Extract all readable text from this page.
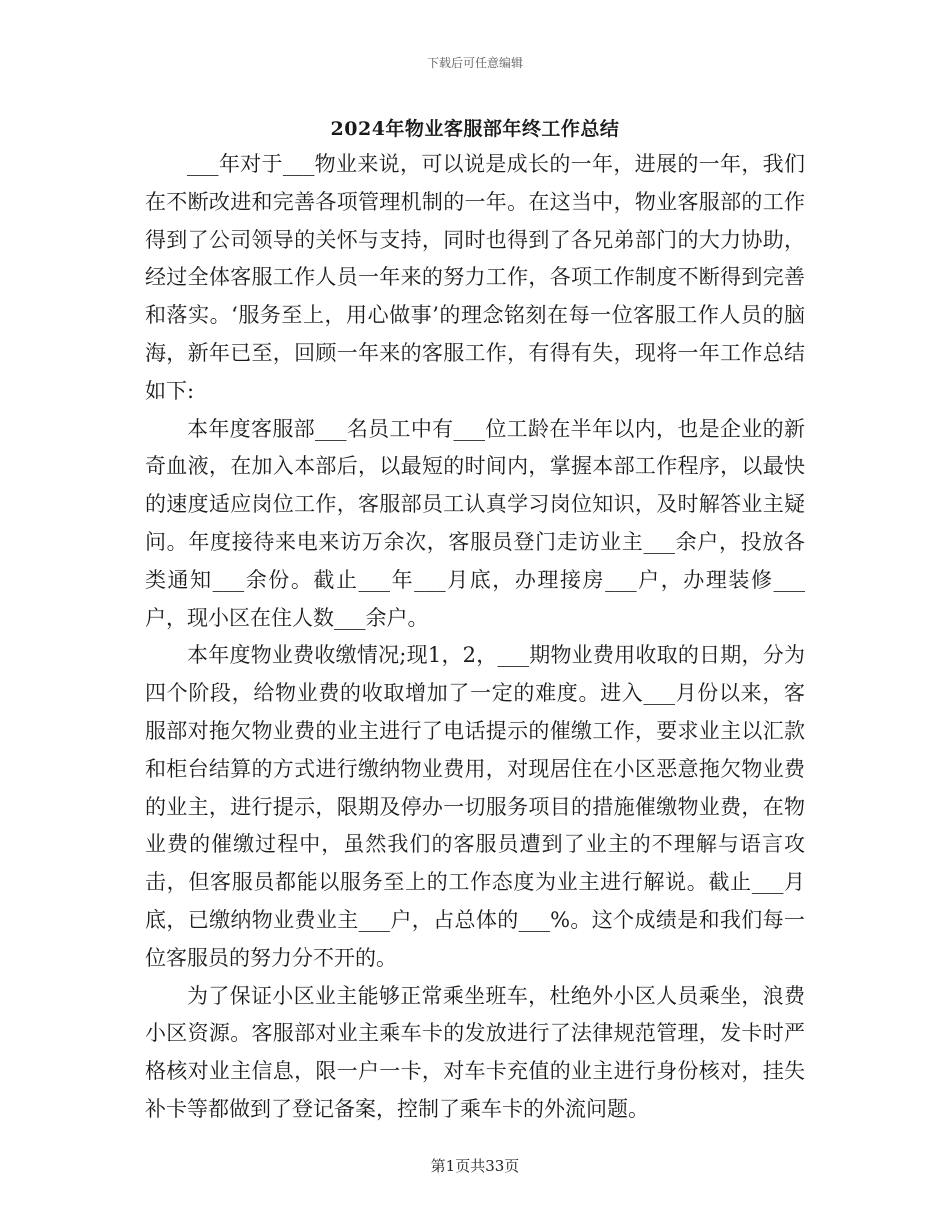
下载后可任意编辑
2024年物业客服部年终工作总结

___年对于___物业来说，可以说是成长的一年，进展的一年，我们在不断改进和完善各项管理机制的一年。在这当中，物业客服部的工作得到了公司领导的关怀与支持，同时也得到了各兄弟部门的大力协助，经过全体客服工作人员一年来的努力工作，各项工作制度不断得到完善和落实。‘服务至上，用心做事’的理念铭刻在每一位客服工作人员的脑海，新年已至，回顾一年来的客服工作，有得有失，现将一年工作总结如下:

本年度客服部___名员工中有___位工龄在半年以内，也是企业的新奇血液，在加入本部后，以最短的时间内，掌握本部工作程序，以最快的速度适应岗位工作，客服部员工认真学习岗位知识，及时解答业主疑问。年度接待来电来访万余次，客服员登门走访业主___余户，投放各类通知___余份。截止___年___月底，办理接房___户，办理装修___户，现小区在住人数___余户。

本年度物业费收缴情况;现1，2，___期物业费用收取的日期，分为四个阶段，给物业费的收取增加了一定的难度。进入___月份以来，客服部对拖欠物业费的业主进行了电话提示的催缴工作，要求业主以汇款和柜台结算的方式进行缴纳物业费用，对现居住在小区恶意拖欠物业费的业主，进行提示，限期及停办一切服务项目的措施催缴物业费，在物业费的催缴过程中，虽然我们的客服员遭到了业主的不理解与语言攻击，但客服员都能以服务至上的工作态度为业主进行解说。截止___月底，已缴纳物业费业主___户，占总体的___%。这个成绩是和我们每一位客服员的努力分不开的。

为了保证小区业主能够正常乘坐班车，杜绝外小区人员乘坐，浪费小区资源。客服部对业主乘车卡的发放进行了法律规范管理，发卡时严格核对业主信息，限一户一卡，对车卡充值的业主进行身份核对，挂失补卡等都做到了登记备案，控制了乘车卡的外流问题。

第1页共33页
